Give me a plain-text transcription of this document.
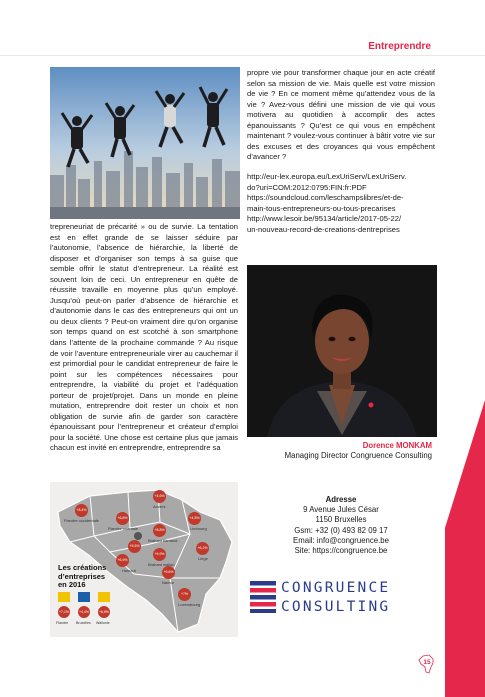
Entreprendre

trepreneuriat de précarité » ou de survie. La tentation est en effet grande de se laisser séduire par l’autonomie, l’absence de hiérarchie, la liberté de disposer et d’organiser son temps à sa guise que semble offrir le statut d’entrepreneur. La réalité est souvent loin de ceci. Un entrepreneur en quête de réussite travaille en moyenne plus qu’un employé. Jusqu’où peut-on parler d’absence de hiérarchie et d’autonomie dans le cas des entrepreneurs qui ont un ou deux clients ? Peut-on vraiment dire qu’on organise son temps quand on est scotché à son smartphone dans l’attente de la prochaine commande ? Au risque de voir l’aventure entrepreneuriale virer au cauchemar il est primordial pour le candidat entrepreneur de faire le point sur les compétences nécessaires pour entreprendre, la viabilité du projet et l’adéquation porteur de projet/projet. Dans un monde en pleine mutation, entreprendre doit rester un choix et non obligation de survie afin de garder son caractère épanouissant pour l’entrepreneur et créateur d’emploi pour la société. Une chose est certaine plus que jamais chacun est invité en entreprendre, entreprendre sa

propre vie pour transformer chaque jour en acte créatif selon sa mission de vie. Mais quelle est votre mission de vie ? En ce moment même qu’attendez vous de la vie ? Avez-vous défini une mission de vie qui vous motivera au quotidien à accomplir des actes épanouissants ? Qu’est ce qui vous en empêchent maintenant ? voulez-vous continuer à bâtir votre vie sur des excuses et des croyances qui vous empêchent d’avancer ?

http://eur-lex.europa.eu/LexUriServ/LexUriServ.

do?uri=COM:2012:0795:FIN:fr:PDF

https://soundcloud.com/leschampslibres/et-de-

main-tous-entrepreneurs-ou-tous-precarises

http://www.lesoir.be/95134/article/2017-05-22/

un-nouveau-record-de-creations-dentreprises

Dorence MONKAM
Managing Director Congruence Consulting
+8,4%
+4,6%
+6,8%	+4,5%
+8,8%
+5,6%
+6,9%
+9,9%
+6,2%
+9,6%
+7%
Flandre occidentale
Flandre orientale
Anvers
Limbourg
Brabant flamand
Hainaut
Brabant wallon
Liège
Namur
Luxembourg
Les créations
d’entreprises
en 2016
+7,1%	+4,4%	+6,5%
Flandre Bruxelles Wallonie

Adresse

9 Avenue Jules César

1150 Bruxelles

Gsm: +32 (0) 493 82 09 17

Email: info@congruence.be

Site: https://congruence.be

CONGRUENCE
CONSULTING
15
